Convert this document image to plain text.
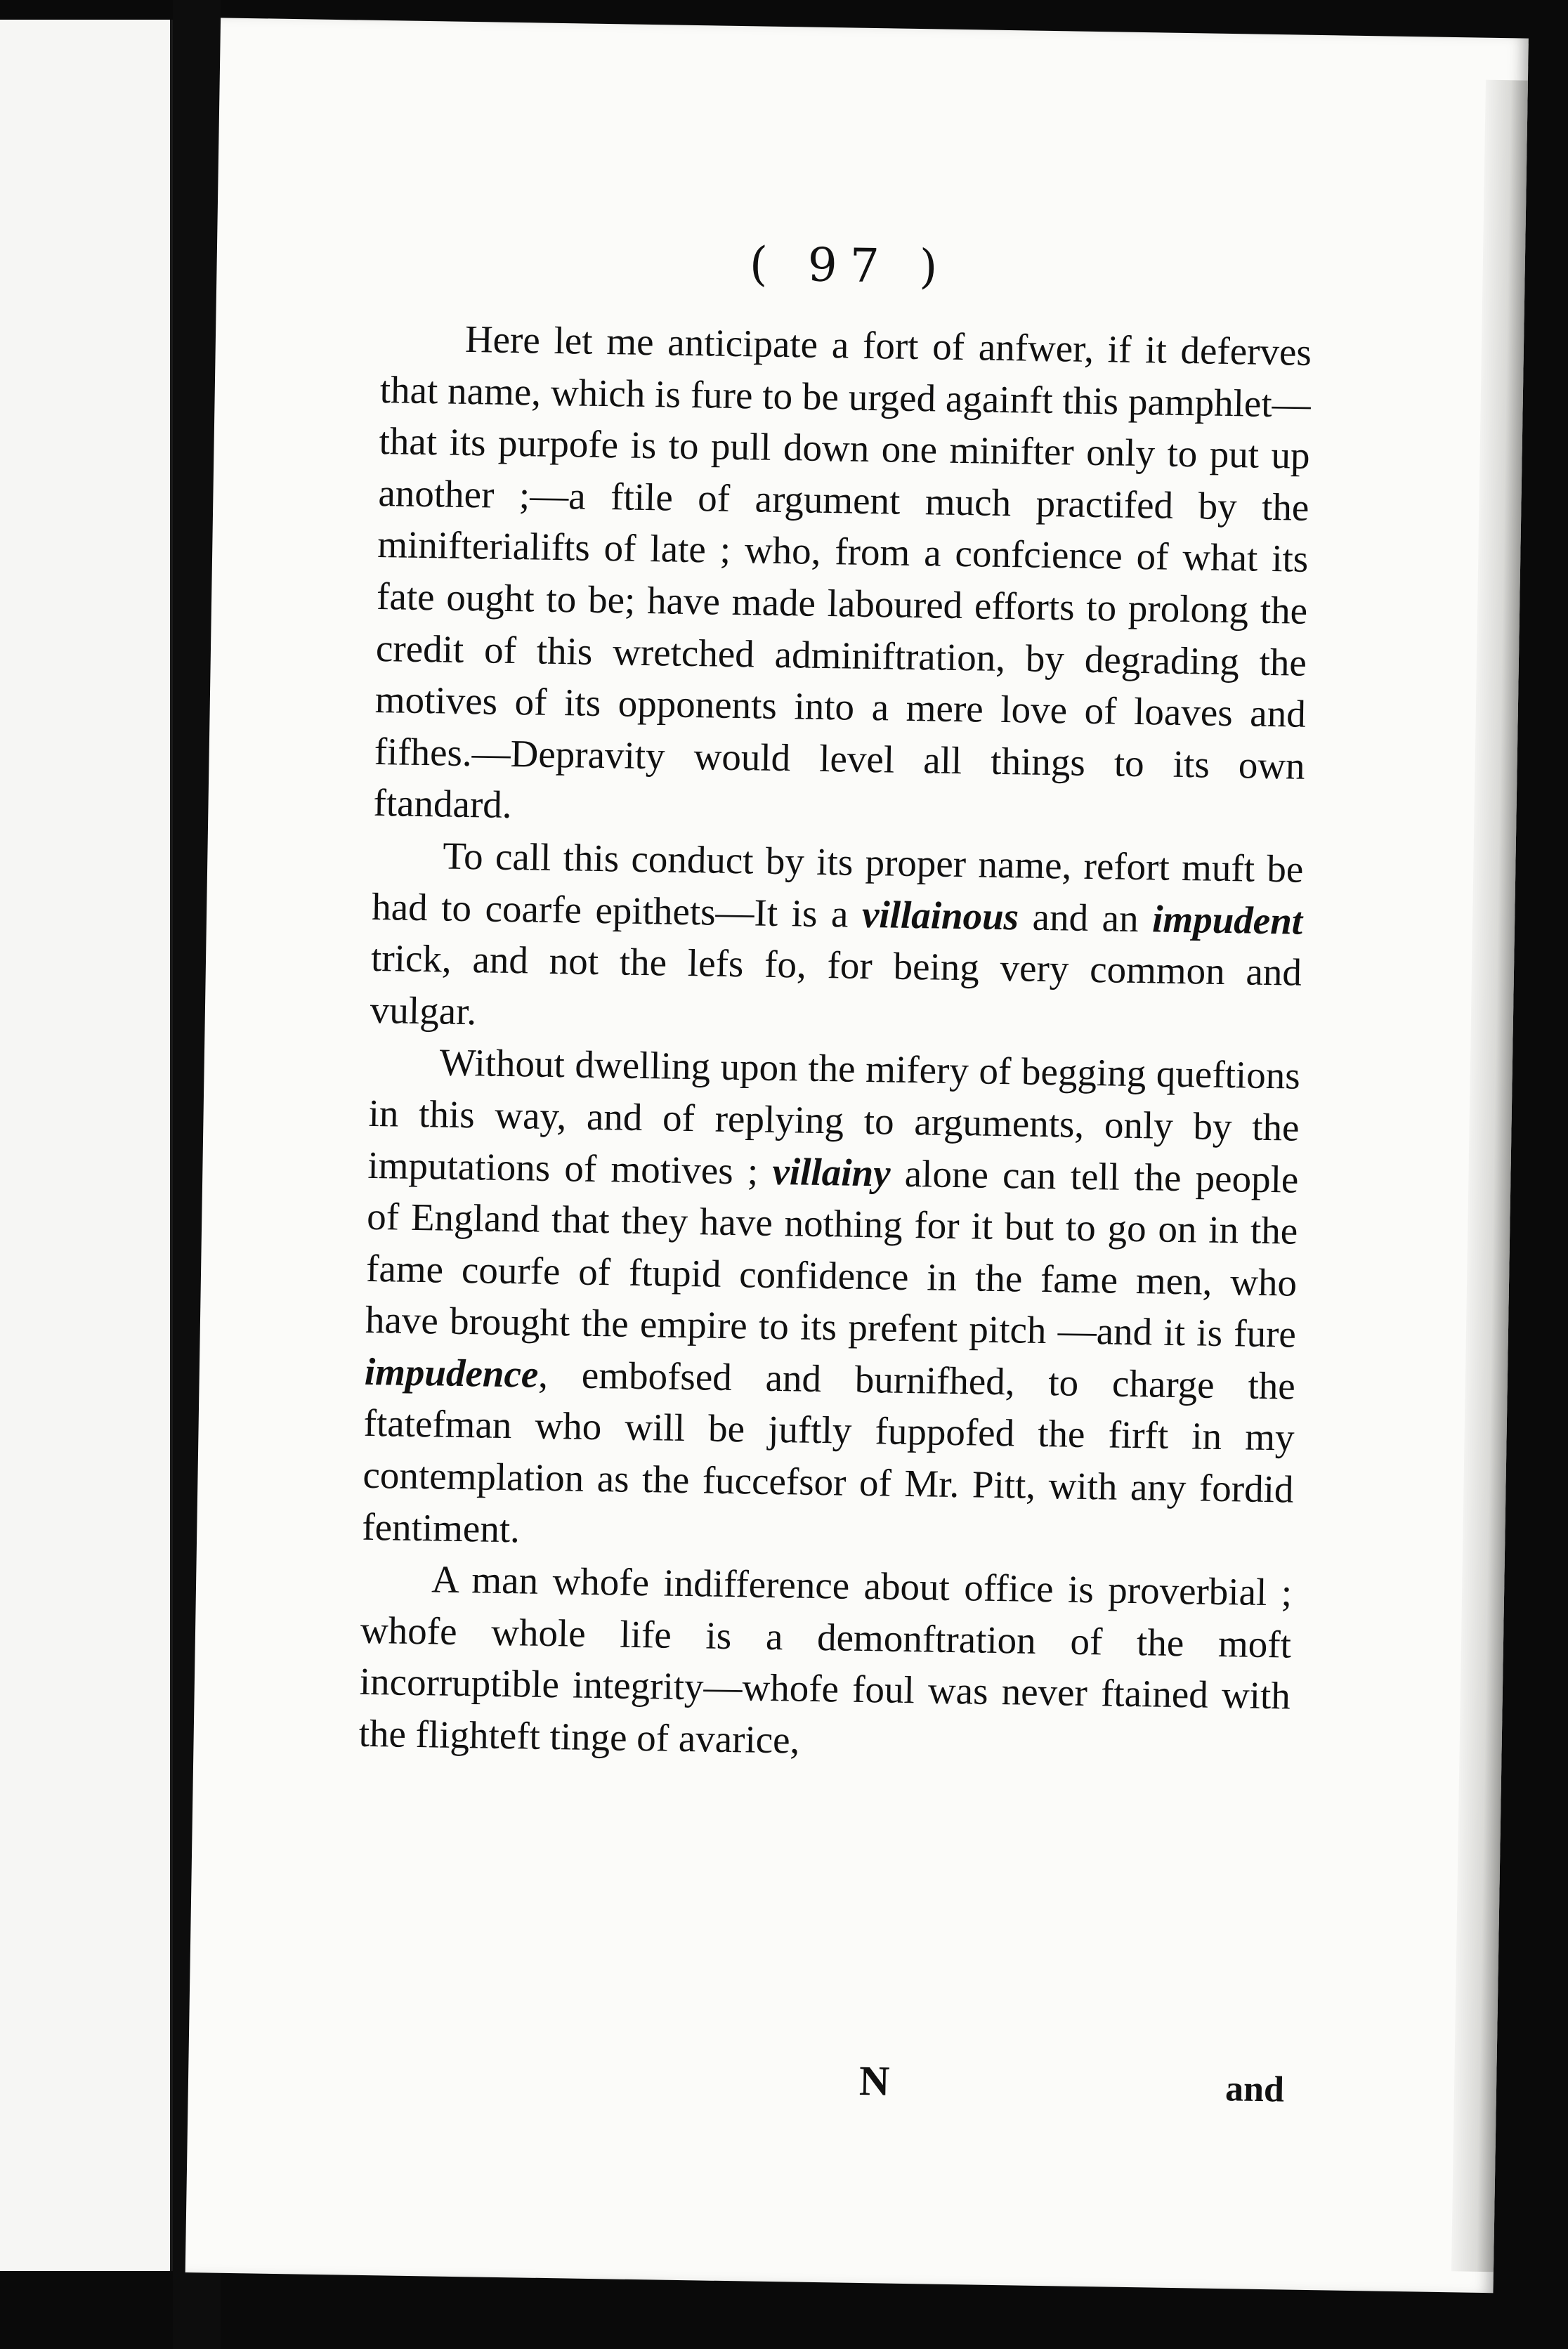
( 97 )

Here let me anticipate a fort of anfwer, if it deferves that name, which is fure to be urged againft this pamphlet—that its purpofe is to pull down one minifter only to put up another ;—a ftile of argument much practifed by the minifterialifts of late ; who, from a confcience of what its fate ought to be; have made laboured efforts to prolong the credit of this wretched adminiftration, by degrading the motives of its opponents into a mere love of loaves and fifhes.—Depravity would level all things to its own ftandard.

To call this conduct by its proper name, refort muft be had to coarfe epithets—It is a villainous and an impudent trick, and not the lefs fo, for being very common and vulgar.

Without dwelling upon the mifery of begging queftions in this way, and of replying to arguments, only by the imputations of motives ; villainy alone can tell the people of England that they have nothing for it but to go on in the fame courfe of ftupid confidence in the fame men, who have brought the empire to its prefent pitch —and it is fure impudence, embofsed and burnifhed, to charge the ftatefman who will be juftly fuppofed the firft in my contemplation as the fuccefsor of Mr. Pitt, with any fordid fentiment.

A man whofe indifference about office is proverbial ; whofe whole life is a demonftration of the moft incorruptible integrity—whofe foul was never ftained with the flighteft tinge of avarice,

N	and
